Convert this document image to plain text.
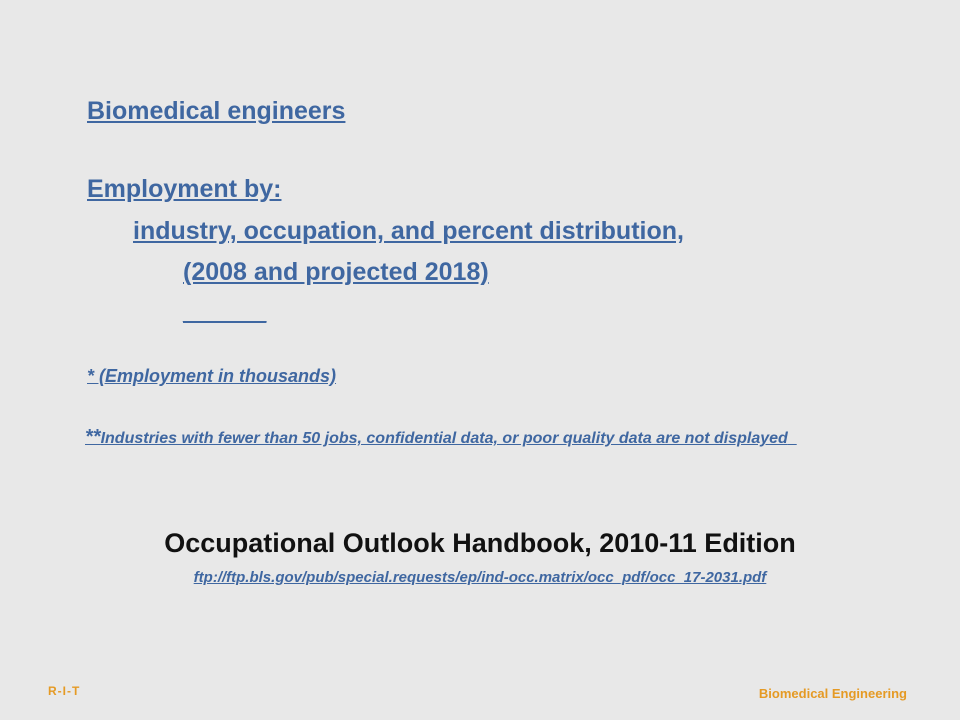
Biomedical engineers
Employment by:
industry, occupation, and percent distribution,
(2008 and projected 2018)
______
* (Employment in thousands)
**Industries with fewer than 50 jobs, confidential data, or poor quality data are not displayed
Occupational Outlook Handbook, 2010-11 Edition
ftp://ftp.bls.gov/pub/special.requests/ep/ind-occ.matrix/occ_pdf/occ_17-2031.pdf
R-I-T	Biomedical Engineering
